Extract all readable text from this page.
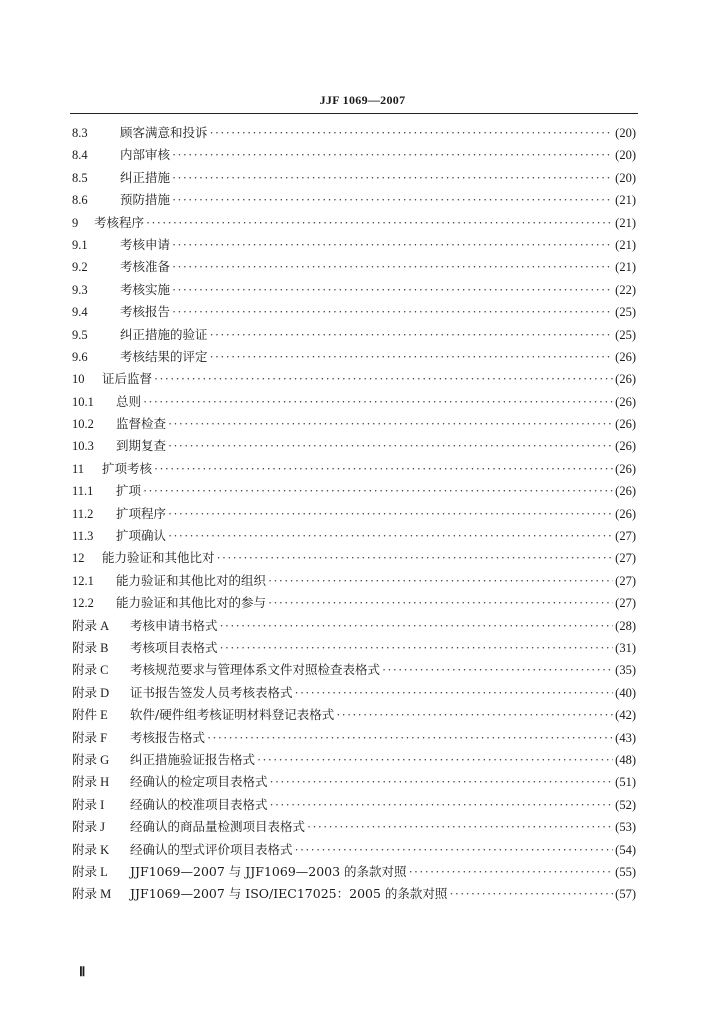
JJF 1069—2007
8.3	顾客满意和投诉 ·····	(20)
8.4	内部审核 ·····	(20)
8.5	纠正措施 ·····	(20)
8.6	预防措施 ·····	(21)
9	考核程序 ·····	(21)
9.1	考核申请 ·····	(21)
9.2	考核准备 ·····	(21)
9.3	考核实施 ·····	(22)
9.4	考核报告 ·····	(25)
9.5	纠正措施的验证 ·····	(25)
9.6	考核结果的评定 ·····	(26)
10	证后监督 ·····	(26)
10.1	总则 ·····	(26)
10.2	监督检查 ·····	(26)
10.3	到期复查 ·····	(26)
11	扩项考核 ·····	(26)
11.1	扩项 ·····	(26)
11.2	扩项程序 ·····	(26)
11.3	扩项确认 ·····	(27)
12	能力验证和其他比对 ·····	(27)
12.1	能力验证和其他比对的组织 ·····	(27)
12.2	能力验证和其他比对的参与 ·····	(27)
附录 A	考核申请书格式 ·····	(28)
附录 B	考核项目表格式 ·····	(31)
附录 C	考核规范要求与管理体系文件对照检查表格式 ·····	(35)
附录 D	证书报告签发人员考核表格式 ·····	(40)
附件 E	软件/硬件组考核证明材料登记表格式 ·····	(42)
附录 F	考核报告格式 ·····	(43)
附录 G	纠正措施验证报告格式 ·····	(48)
附录 H	经确认的检定项目表格式 ·····	(51)
附录 I	经确认的校准项目表格式 ·····	(52)
附录 J	经确认的商品量检测项目表格式 ·····	(53)
附录 K	经确认的型式评价项目表格式 ·····	(54)
附录 L	JJF1069—2007 与 JJF1069—2003 的条款对照 ·····	(55)
附录 M	JJF1069—2007 与 ISO/IEC17025：2005 的条款对照 ·····	(57)
Ⅱ
